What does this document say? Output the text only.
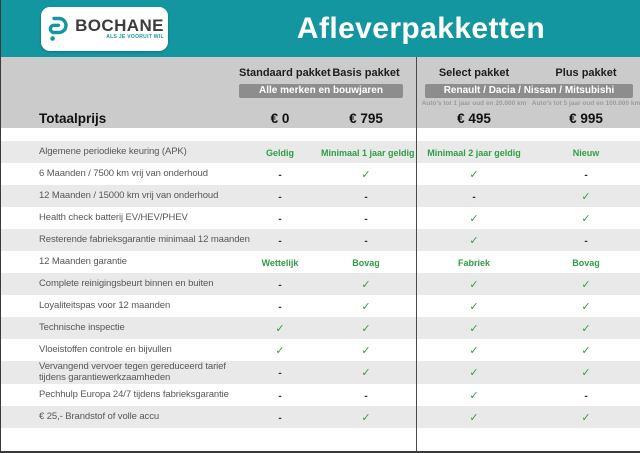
BOCHANE
ALS JE VOORUIT WIL	Afleverpakketten
Standaard pakket Basis pakket	Select pakket	Plus pakket
Alle merken en bouwjaren	Renault / Dacia / Nissan / Mitsubishi
Auto's tot 1 jaar oud en 20.000 km Auto's tot 5 jaar oud en 100.000 km
Totaalprijs	€ 0	€ 795	€ 495	€ 995
Algemene periodieke keuring (APK)	Geldig	Minimaal 1 jaar geldig	Minimaal 2 jaar geldig	Nieuw
6 Maanden / 7500 km vrij van onderhoud	-	✓	✓	-
12 Maanden / 15000 km vrij van onderhoud	-	-	-	✓
Health check batterij EV/HEV/PHEV	-	-	✓	✓
Resterende fabrieksgarantie minimaal 12 maanden	-	-	✓	-
12 Maanden garantie	Wettelijk	Bovag	Fabriek	Bovag
Complete reinigingsbeurt binnen en buiten	-	✓	✓	✓
Loyaliteitspas voor 12 maanden	-	✓	✓	✓
Technische inspectie	✓	✓	✓	✓
Vloeistoffen controle en bijvullen	✓	✓	✓	✓
Vervangend vervoer tegen gereduceerd tarief tijdens garantiewerkzaamheden	-	✓	✓	✓
Pechhulp Europa 24/7 tijdens fabrieksgarantie	-	-	✓	-
€ 25,- Brandstof of volle accu	-	✓	✓	✓
